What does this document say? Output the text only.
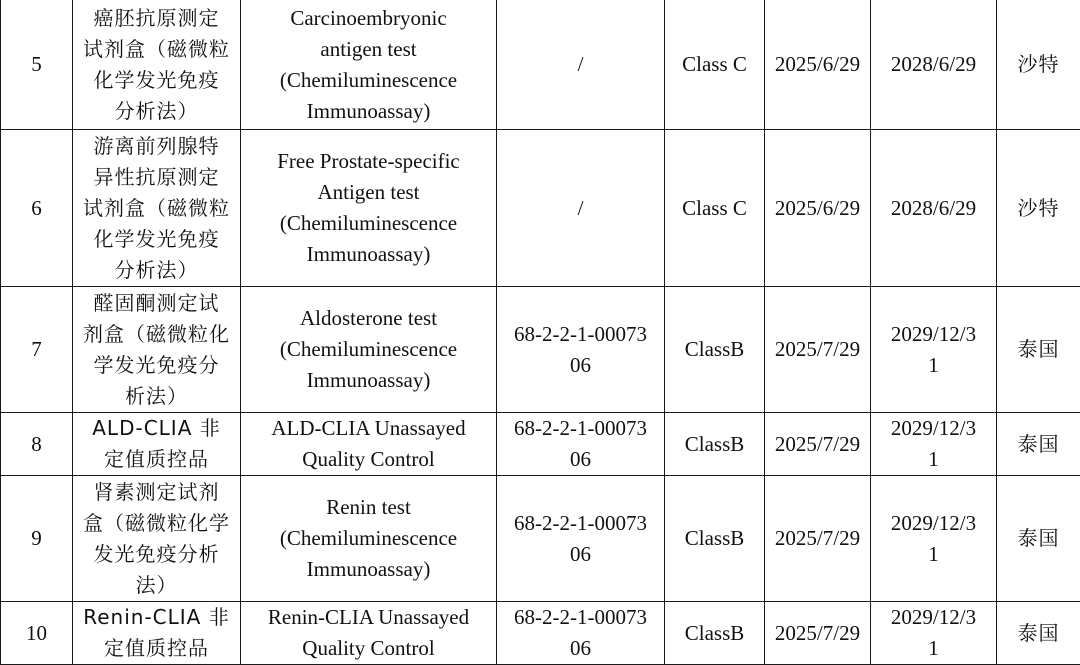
5	癌胚抗原测定
试剂盒（磁微粒
化学发光免疫
分析法）	Carcinoembryonic
antigen test
(Chemiluminescence
Immunoassay)	/	Class C	2025/6/29	2028/6/29	沙特
6	游离前列腺特
异性抗原测定
试剂盒（磁微粒
化学发光免疫
分析法）	Free Prostate-specific
Antigen test
(Chemiluminescence
Immunoassay)	/	Class C	2025/6/29	2028/6/29	沙特
7	醛固酮测定试
剂盒（磁微粒化
学发光免疫分
析法）	Aldosterone test
(Chemiluminescence
Immunoassay)	68-2-2-1-00073
06	ClassB	2025/7/29	2029/12/3
1	泰国
8	ALD-CLIA 非
定值质控品	ALD-CLIA Unassayed
Quality Control	68-2-2-1-00073
06	ClassB	2025/7/29	2029/12/3
1	泰国
9	肾素测定试剂
盒（磁微粒化学
发光免疫分析
法）	Renin test
(Chemiluminescence
Immunoassay)	68-2-2-1-00073
06	ClassB	2025/7/29	2029/12/3
1	泰国
10	Renin-CLIA 非
定值质控品	Renin-CLIA Unassayed
Quality Control	68-2-2-1-00073
06	ClassB	2025/7/29	2029/12/3
1	泰国
